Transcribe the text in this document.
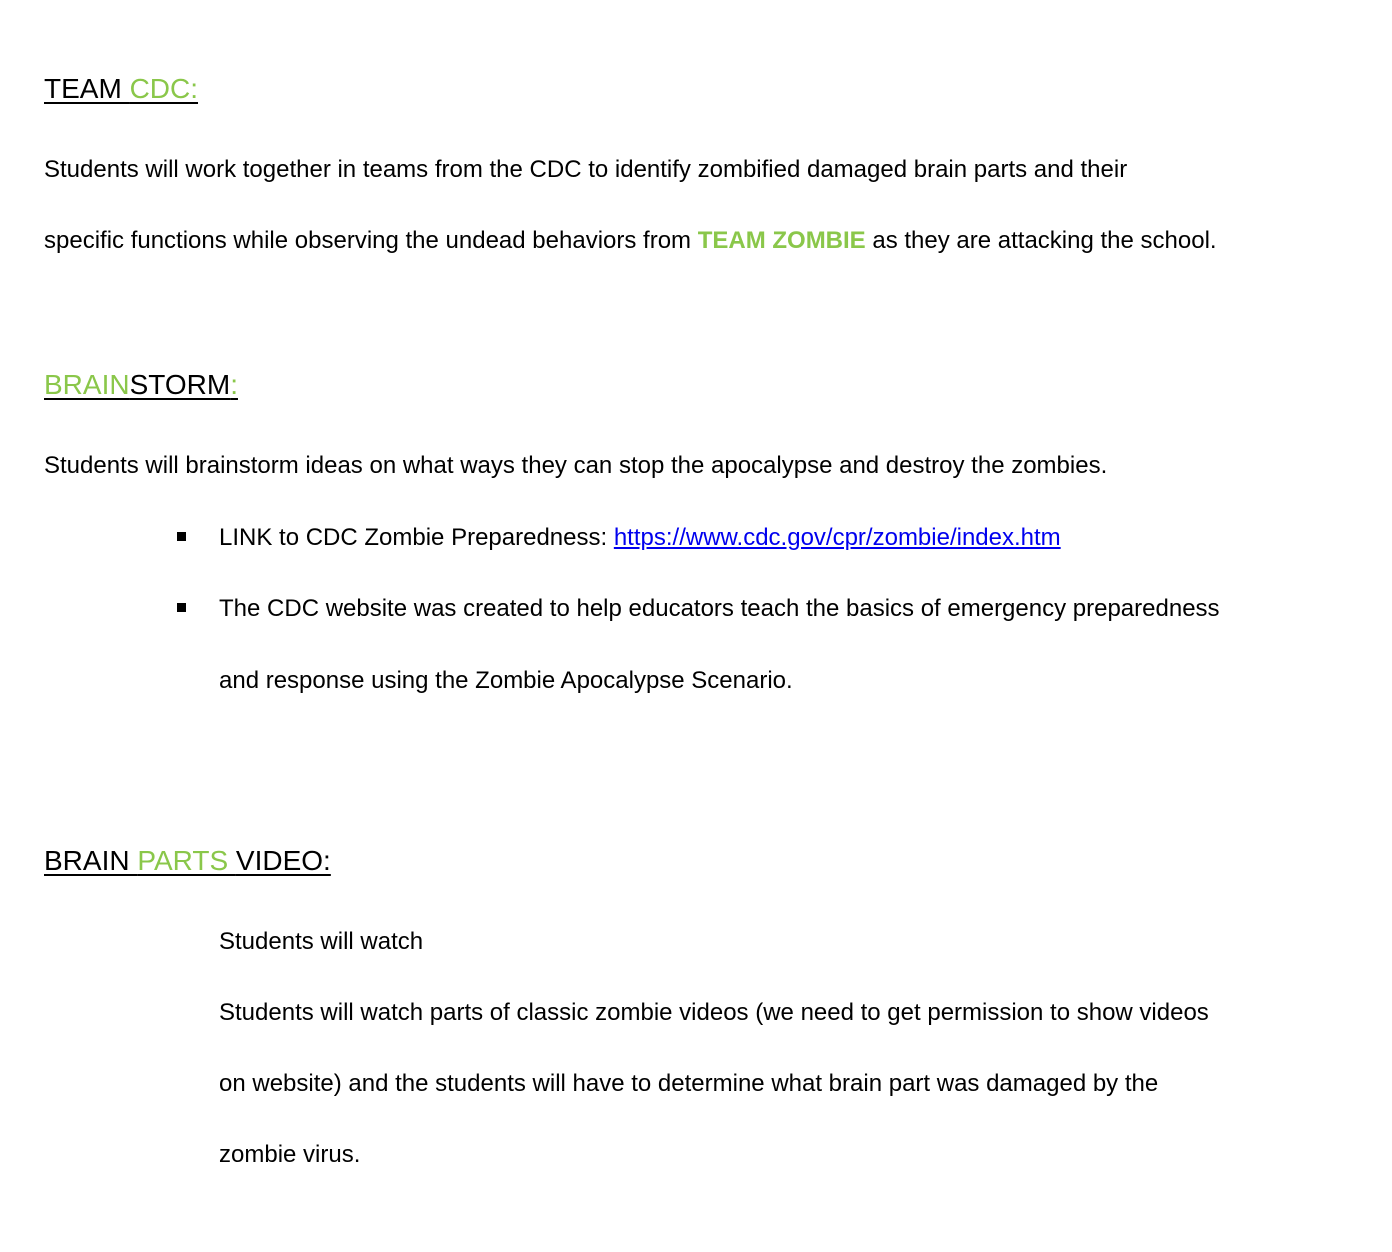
TEAM CDC:

Students will work together in teams from the CDC to identify zombified damaged brain parts and their

specific functions while observing the undead behaviors from TEAM ZOMBIE as they are attacking the school.

BRAINSTORM:

Students will brainstorm ideas on what ways they can stop the apocalypse and destroy the zombies.

LINK to CDC Zombie Preparedness: https://www.cdc.gov/cpr/zombie/index.htm

The CDC website was created to help educators teach the basics of emergency preparedness

and response using the Zombie Apocalypse Scenario.

BRAIN PARTS VIDEO:

Students will watch

Students will watch parts of classic zombie videos (we need to get permission to show videos

on website) and the students will have to determine what brain part was damaged by the

zombie virus.
